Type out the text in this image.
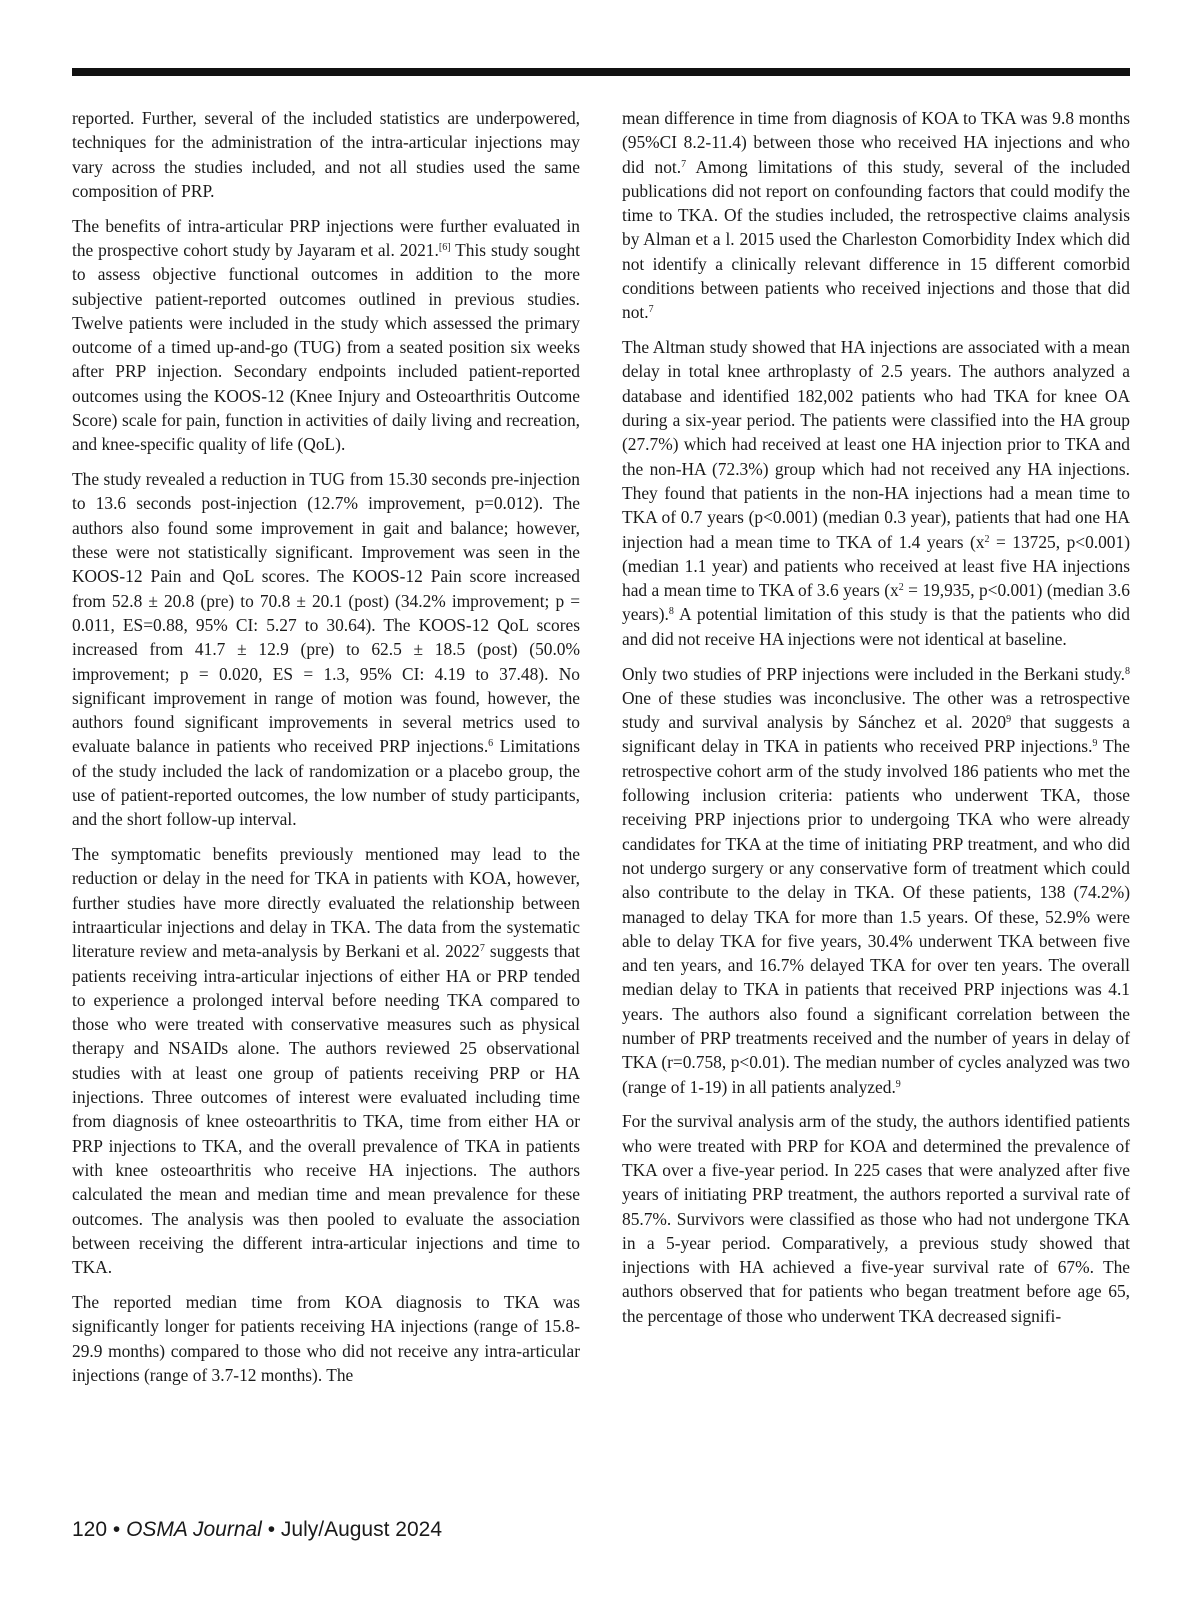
reported. Further, several of the included statistics are underpowered, techniques for the administration of the intra-articular injections may vary across the studies included, and not all studies used the same composition of PRP.

The benefits of intra-articular PRP injections were further evaluated in the prospective cohort study by Jayaram et al. 2021.[6] This study sought to assess objective functional outcomes in addition to the more subjective patient-reported outcomes outlined in previous studies. Twelve patients were included in the study which assessed the primary outcome of a timed up-and-go (TUG) from a seated position six weeks after PRP injection. Secondary endpoints included patient-reported outcomes using the KOOS-12 (Knee Injury and Osteoarthritis Outcome Score) scale for pain, function in activities of daily living and recreation, and knee-specific quality of life (QoL).

The study revealed a reduction in TUG from 15.30 seconds pre-injection to 13.6 seconds post-injection (12.7% improvement, p=0.012). The authors also found some improvement in gait and balance; however, these were not statistically significant. Improvement was seen in the KOOS-12 Pain and QoL scores. The KOOS-12 Pain score increased from 52.8 ± 20.8 (pre) to 70.8 ± 20.1 (post) (34.2% improvement; p = 0.011, ES=0.88, 95% CI: 5.27 to 30.64). The KOOS-12 QoL scores increased from 41.7 ± 12.9 (pre) to 62.5 ± 18.5 (post) (50.0% improvement; p = 0.020, ES = 1.3, 95% CI: 4.19 to 37.48). No significant improvement in range of motion was found, however, the authors found significant improvements in several metrics used to evaluate balance in patients who received PRP injections.$^6$ Limitations of the study included the lack of randomization or a placebo group, the use of patient-reported outcomes, the low number of study participants, and the short follow-up interval.

The symptomatic benefits previously mentioned may lead to the reduction or delay in the need for TKA in patients with KOA, however, further studies have more directly evaluated the relationship between intraarticular injections and delay in TKA. The data from the systematic literature review and meta-analysis by Berkani et al. 2022$^7$ suggests that patients receiving intra-articular injections of either HA or PRP tended to experience a prolonged interval before needing TKA compared to those who were treated with conservative measures such as physical therapy and NSAIDs alone. The authors reviewed 25 observational studies with at least one group of patients receiving PRP or HA injections. Three outcomes of interest were evaluated including time from diagnosis of knee osteoarthritis to TKA, time from either HA or PRP injections to TKA, and the overall prevalence of TKA in patients with knee osteoarthritis who receive HA injections. The authors calculated the mean and median time and mean prevalence for these outcomes. The analysis was then pooled to evaluate the association between receiving the different intra-articular injections and time to TKA.

The reported median time from KOA diagnosis to TKA was significantly longer for patients receiving HA injections (range of 15.8-29.9 months) compared to those who did not receive any intra-articular injections (range of 3.7-12 months). The

mean difference in time from diagnosis of KOA to TKA was 9.8 months (95%CI 8.2-11.4) between those who received HA injections and who did not.$^7$ Among limitations of this study, several of the included publications did not report on confounding factors that could modify the time to TKA. Of the studies included, the retrospective claims analysis by Alman et a l. 2015 used the Charleston Comorbidity Index which did not identify a clinically relevant difference in 15 different comorbid conditions between patients who received injections and those that did not.$^7$

The Altman study showed that HA injections are associated with a mean delay in total knee arthroplasty of 2.5 years. The authors analyzed a database and identified 182,002 patients who had TKA for knee OA during a six-year period. The patients were classified into the HA group (27.7%) which had received at least one HA injection prior to TKA and the non-HA (72.3%) group which had not received any HA injections. They found that patients in the non-HA injections had a mean time to TKA of 0.7 years (p<0.001) (median 0.3 year), patients that had one HA injection had a mean time to TKA of 1.4 years ($x^2 = 13725$, p<0.001) (median 1.1 year) and patients who received at least five HA injections had a mean time to TKA of 3.6 years ($x^2 = 19,935$, p<0.001) (median 3.6 years).$^8$ A potential limitation of this study is that the patients who did and did not receive HA injections were not identical at baseline.

Only two studies of PRP injections were included in the Berkani study.$^8$ One of these studies was inconclusive. The other was a retrospective study and survival analysis by Sánchez et al. 2020$^9$ that suggests a significant delay in TKA in patients who received PRP injections.$^9$ The retrospective cohort arm of the study involved 186 patients who met the following inclusion criteria: patients who underwent TKA, those receiving PRP injections prior to undergoing TKA who were already candidates for TKA at the time of initiating PRP treatment, and who did not undergo surgery or any conservative form of treatment which could also contribute to the delay in TKA. Of these patients, 138 (74.2%) managed to delay TKA for more than 1.5 years. Of these, 52.9% were able to delay TKA for five years, 30.4% underwent TKA between five and ten years, and 16.7% delayed TKA for over ten years. The overall median delay to TKA in patients that received PRP injections was 4.1 years. The authors also found a significant correlation between the number of PRP treatments received and the number of years in delay of TKA (r=0.758, p<0.01). The median number of cycles analyzed was two (range of 1-19) in all patients analyzed.$^9$

For the survival analysis arm of the study, the authors identified patients who were treated with PRP for KOA and determined the prevalence of TKA over a five-year period. In 225 cases that were analyzed after five years of initiating PRP treatment, the authors reported a survival rate of 85.7%. Survivors were classified as those who had not undergone TKA in a 5-year period. Comparatively, a previous study showed that injections with HA achieved a five-year survival rate of 67%. The authors observed that for patients who began treatment before age 65, the percentage of those who underwent TKA decreased signifi-

120 • OSMA Journal • July/August 2024
